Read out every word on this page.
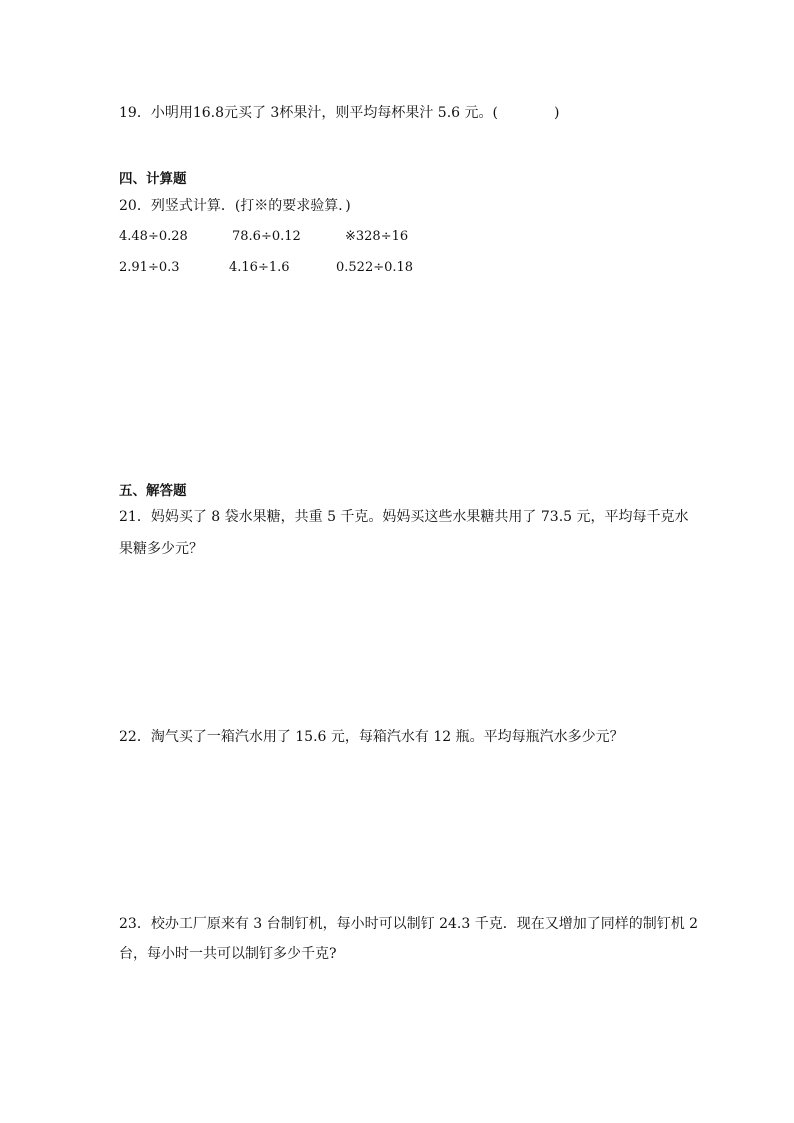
19．小明用16.8元买了 3杯果汁，则平均每杯果汁 5.6 元。(	)
四、计算题
20．列竖式计算．(打※的要求验算．)
4.48÷0.28	78.6÷0.12	※328÷16
2.91÷0.3	4.16÷1.6	0.522÷0.18
五、解答题
21．妈妈买了 8 袋水果糖，共重 5 千克。妈妈买这些水果糖共用了 73.5 元，平均每千克水
果糖多少元？
22．淘气买了一箱汽水用了 15.6 元，每箱汽水有 12 瓶。平均每瓶汽水多少元？
23．校办工厂原来有 3 台制钉机，每小时可以制钉 24.3 千克．现在又增加了同样的制钉机 2
台，每小时一共可以制钉多少千克?
